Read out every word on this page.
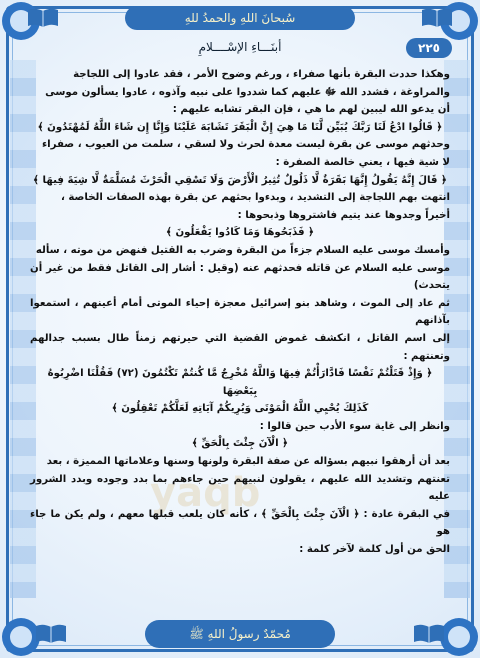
سُبحانَ اللهِ والحمدُ للهِ
٢٢٥
أبنَـــاءِ الإسْــــلامِ
yaqb

وهكذا حددت البقرة بأنها صفراء ، ورغم وضوح الأمر ، فقد عادوا إلى اللجاجة

والمراوغة ، فشدد الله ﷻ عليهم كما شددوا على نبيه وآذوه ، عادوا يسألون موسى

أن يدعو الله ليبين لهم ما هي ، فإن البقر تشابه عليهم :

﴿ قَالُوا ادْعُ لَنَا رَبَّكَ يُبَيِّن لَّنَا مَا هِيَ إِنَّ الْبَقَرَ تَشَابَهَ عَلَيْنَا وَإِنَّا إِن شَاءَ اللَّهُ لَمُهْتَدُونَ ﴾

وحدثهم موسى عن بقرة ليست معدة لحرث ولا لسقي ، سلمت من العيوب ، صفراء

لا شية فيها ، يعني خالصة الصفرة :

﴿ قَالَ إِنَّهُ يَقُولُ إِنَّهَا بَقَرَةٌ لَّا ذَلُولٌ تُثِيرُ الْأَرْضَ وَلَا تَسْقِي الْحَرْثَ مُسَلَّمَةٌ لَّا شِيَةَ فِيهَا ﴾

انتهت بهم اللجاجة إلى التشديد ، وبدءوا بحثهم عن بقرة بهذه الصفات الخاصة ،

أخيراً وجدوها عند يتيم فاشتروها وذبحوها :

﴿ فَذَبَحُوهَا وَمَا كَادُوا يَفْعَلُونَ ﴾

وأمسك موسى عليه السلام جزءاً من البقرة وضرب به القتيل فنهض من موته ، سأله

موسى عليه السلام عن قاتله فحدثهم عنه (وقيل : أشار إلى القاتل فقط من غير أن يتحدث)

ثم عاد إلى الموت ، وشاهد بنو إسرائيل معجزة إحياء الموتى أمام أعينهم ، استمعوا بآذانهم

إلى اسم القاتل ، انكشف غموض القضية التي حيرتهم زمناً طال بسبب جدالهم وتعنتهم :

﴿ وَإِذْ قَتَلْتُمْ نَفْسًا فَادَّارَأْتُمْ فِيهَا وَاللَّهُ مُخْرِجٌ مَّا كُنتُمْ تَكْتُمُونَ (٧٢) فَقُلْنَا اضْرِبُوهُ بِبَعْضِهَا

كَذَلِكَ يُحْيِي اللَّهُ الْمَوْتَى وَيُرِيكُمْ آيَاتِهِ لَعَلَّكُمْ تَعْقِلُونَ ﴾

وانظر إلى غاية سوء الأدب حين قالوا :

﴿ الْآنَ جِئْتَ بِالْحَقِّ ﴾

بعد أن أرهقوا نبيهم بسؤاله عن صفة البقرة ولونها وسنها وعلاماتها المميزة ، بعد

تعنتهم وتشديد الله عليهم ، يقولون لنبيهم حين جاءهم بما بدد وجوده وبدد الشرور عليه

في البقرة عادة : ﴿ الْآنَ جِئْتَ بِالْحَقِّ ﴾ ، كأنه كان يلعب قبلها معهم ، ولم يكن ما جاء هو

الحق من أول كلمة لآخر كلمة :

مُحمّدٌ رسولُ اللهِ ﷺ
